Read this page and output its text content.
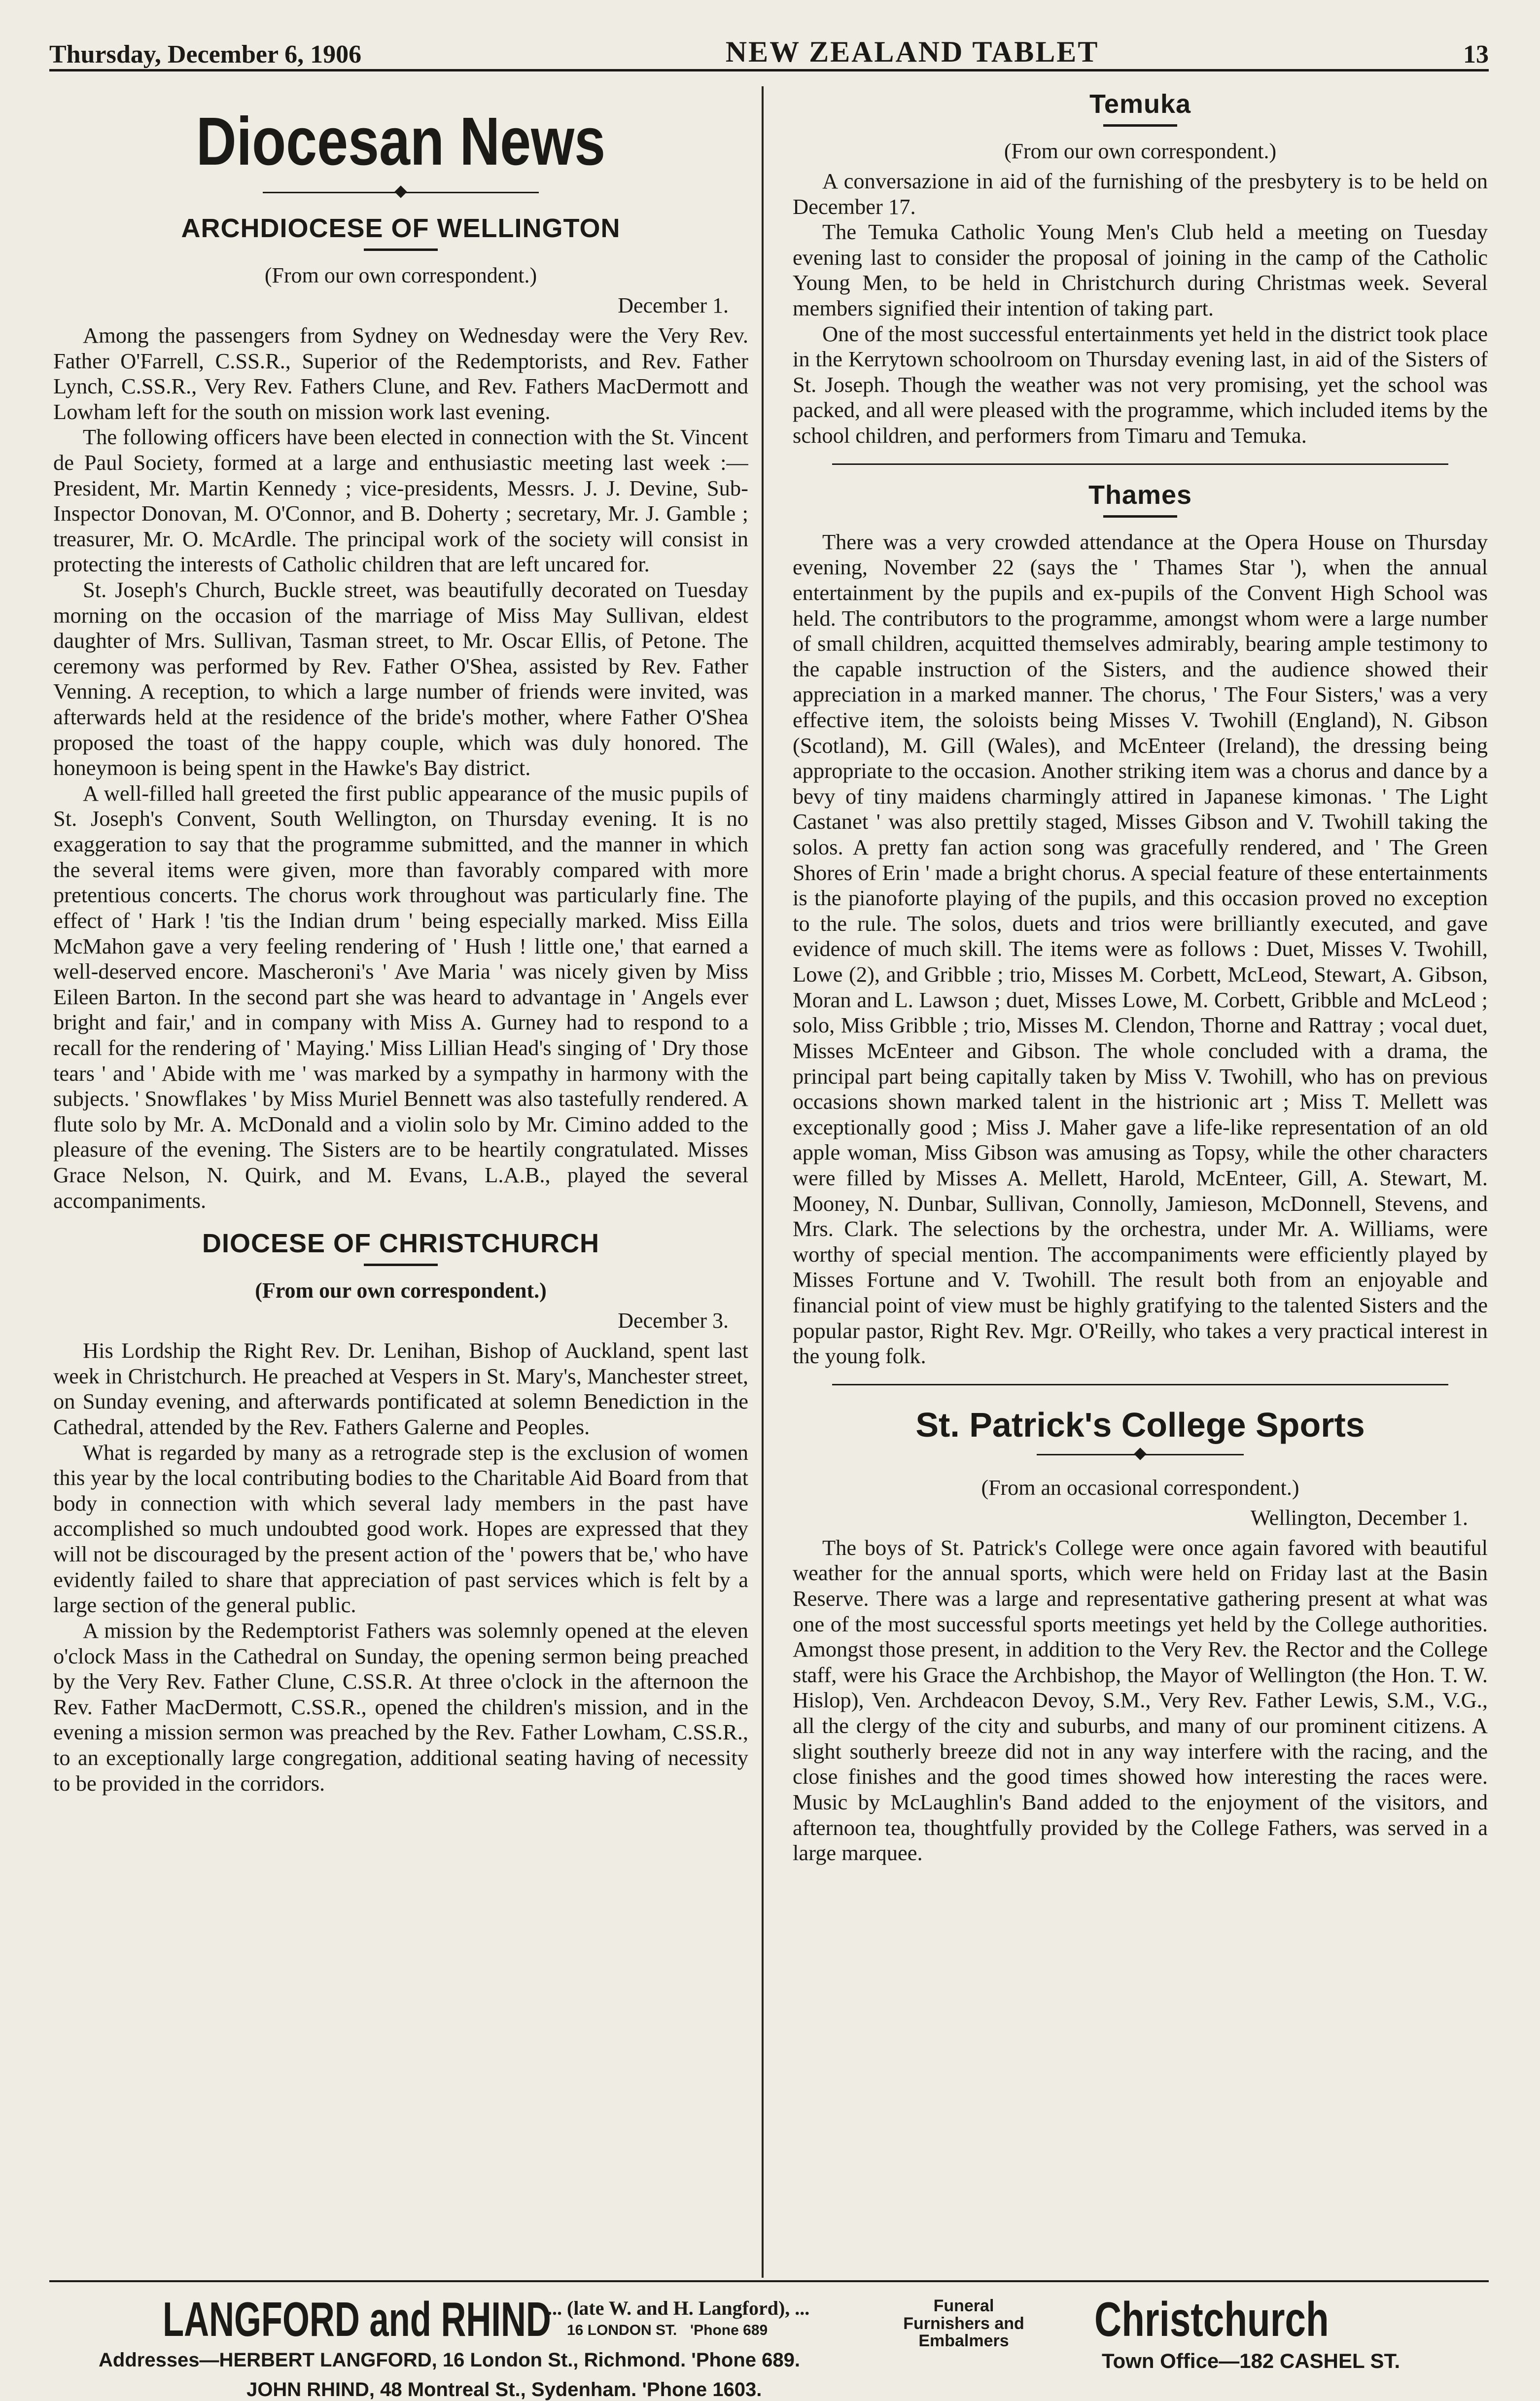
Thursday, December 6, 1906	NEW ZEALAND TABLET	13
Diocesan News
ARCHDIOCESE OF WELLINGTON
(From our own correspondent.)
December 1.

Among the passengers from Sydney on Wednesday were the Very Rev. Father O'Farrell, C.SS.R., Superior of the Redemptorists, and Rev. Father Lynch, C.SS.R., Very Rev. Fathers Clune, and Rev. Fathers MacDermott and Lowham left for the south on mission work last evening.

The following officers have been elected in connection with the St. Vincent de Paul Society, formed at a large and enthusiastic meeting last week :—President, Mr. Martin Kennedy ; vice-presidents, Messrs. J. J. Devine, Sub-Inspector Donovan, M. O'Connor, and B. Doherty ; secretary, Mr. J. Gamble ; treasurer, Mr. O. McArdle. The principal work of the society will consist in protecting the interests of Catholic children that are left uncared for.

St. Joseph's Church, Buckle street, was beautifully decorated on Tuesday morning on the occasion of the marriage of Miss May Sullivan, eldest daughter of Mrs. Sullivan, Tasman street, to Mr. Oscar Ellis, of Petone. The ceremony was performed by Rev. Father O'Shea, assisted by Rev. Father Venning. A reception, to which a large number of friends were invited, was afterwards held at the residence of the bride's mother, where Father O'Shea proposed the toast of the happy couple, which was duly honored. The honeymoon is being spent in the Hawke's Bay district.

A well-filled hall greeted the first public appearance of the music pupils of St. Joseph's Convent, South Wellington, on Thursday evening. It is no exaggeration to say that the programme submitted, and the manner in which the several items were given, more than favorably compared with more pretentious concerts. The chorus work throughout was particularly fine. The effect of ' Hark ! 'tis the Indian drum ' being especially marked. Miss Eilla McMahon gave a very feeling rendering of ' Hush ! little one,' that earned a well-deserved encore. Mascheroni's ' Ave Maria ' was nicely given by Miss Eileen Barton. In the second part she was heard to advantage in ' Angels ever bright and fair,' and in company with Miss A. Gurney had to respond to a recall for the rendering of ' Maying.' Miss Lillian Head's singing of ' Dry those tears ' and ' Abide with me ' was marked by a sympathy in harmony with the subjects. ' Snowflakes ' by Miss Muriel Bennett was also tastefully rendered. A flute solo by Mr. A. McDonald and a violin solo by Mr. Cimino added to the pleasure of the evening. The Sisters are to be heartily congratulated. Misses Grace Nelson, N. Quirk, and M. Evans, L.A.B., played the several accompaniments.

DIOCESE OF CHRISTCHURCH
(From our own correspondent.)
December 3.

His Lordship the Right Rev. Dr. Lenihan, Bishop of Auckland, spent last week in Christchurch. He preached at Vespers in St. Mary's, Manchester street, on Sunday evening, and afterwards pontificated at solemn Benediction in the Cathedral, attended by the Rev. Fathers Galerne and Peoples.

What is regarded by many as a retrograde step is the exclusion of women this year by the local contributing bodies to the Charitable Aid Board from that body in connection with which several lady members in the past have accomplished so much undoubted good work. Hopes are expressed that they will not be discouraged by the present action of the ' powers that be,' who have evidently failed to share that appreciation of past services which is felt by a large section of the general public.

A mission by the Redemptorist Fathers was solemnly opened at the eleven o'clock Mass in the Cathedral on Sunday, the opening sermon being preached by the Very Rev. Father Clune, C.SS.R. At three o'clock in the afternoon the Rev. Father MacDermott, C.SS.R., opened the children's mission, and in the evening a mission sermon was preached by the Rev. Father Lowham, C.SS.R., to an exceptionally large congregation, additional seating having of necessity to be provided in the corridors.

Temuka
(From our own correspondent.)

A conversazione in aid of the furnishing of the presbytery is to be held on December 17.

The Temuka Catholic Young Men's Club held a meeting on Tuesday evening last to consider the proposal of joining in the camp of the Catholic Young Men, to be held in Christchurch during Christmas week. Several members signified their intention of taking part.

One of the most successful entertainments yet held in the district took place in the Kerrytown schoolroom on Thursday evening last, in aid of the Sisters of St. Joseph. Though the weather was not very promising, yet the school was packed, and all were pleased with the programme, which included items by the school children, and performers from Timaru and Temuka.

Thames

There was a very crowded attendance at the Opera House on Thursday evening, November 22 (says the ' Thames Star '), when the annual entertainment by the pupils and ex-pupils of the Convent High School was held. The contributors to the programme, amongst whom were a large number of small children, acquitted themselves admirably, bearing ample testimony to the capable instruction of the Sisters, and the audience showed their appreciation in a marked manner. The chorus, ' The Four Sisters,' was a very effective item, the soloists being Misses V. Twohill (England), N. Gibson (Scotland), M. Gill (Wales), and McEnteer (Ireland), the dressing being appropriate to the occasion. Another striking item was a chorus and dance by a bevy of tiny maidens charmingly attired in Japanese kimonas. ' The Light Castanet ' was also prettily staged, Misses Gibson and V. Twohill taking the solos. A pretty fan action song was gracefully rendered, and ' The Green Shores of Erin ' made a bright chorus. A special feature of these entertainments is the pianoforte playing of the pupils, and this occasion proved no exception to the rule. The solos, duets and trios were brilliantly executed, and gave evidence of much skill. The items were as follows : Duet, Misses V. Twohill, Lowe (2), and Gribble ; trio, Misses M. Corbett, McLeod, Stewart, A. Gibson, Moran and L. Lawson ; duet, Misses Lowe, M. Corbett, Gribble and McLeod ; solo, Miss Gribble ; trio, Misses M. Clendon, Thorne and Rattray ; vocal duet, Misses McEnteer and Gibson. The whole concluded with a drama, the principal part being capitally taken by Miss V. Twohill, who has on previous occasions shown marked talent in the histrionic art ; Miss T. Mellett was exceptionally good ; Miss J. Maher gave a life-like representation of an old apple woman, Miss Gibson was amusing as Topsy, while the other characters were filled by Misses A. Mellett, Harold, McEnteer, Gill, A. Stewart, M. Mooney, N. Dunbar, Sullivan, Connolly, Jamieson, McDonnell, Stevens, and Mrs. Clark. The selections by the orchestra, under Mr. A. Williams, were worthy of special mention. The accompaniments were efficiently played by Misses Fortune and V. Twohill. The result both from an enjoyable and financial point of view must be highly gratifying to the talented Sisters and the popular pastor, Right Rev. Mgr. O'Reilly, who takes a very practical interest in the young folk.

St. Patrick's College Sports
(From an occasional correspondent.)
Wellington, December 1.

The boys of St. Patrick's College were once again favored with beautiful weather for the annual sports, which were held on Friday last at the Basin Reserve. There was a large and representative gathering present at what was one of the most successful sports meetings yet held by the College authorities. Amongst those present, in addition to the Very Rev. the Rector and the College staff, were his Grace the Archbishop, the Mayor of Wellington (the Hon. T. W. Hislop), Ven. Archdeacon Devoy, S.M., Very Rev. Father Lewis, S.M., V.G., all the clergy of the city and suburbs, and many of our prominent citizens. A slight southerly breeze did not in any way interfere with the racing, and the close finishes and the good times showed how interesting the races were. Music by McLaughlin's Band added to the enjoyment of the visitors, and afternoon tea, thoughtfully provided by the College Fathers, was served in a large marquee.

LANGFORD and RHIND
... (late W. and H. Langford), ...
16 LONDON ST. 'Phone 689
Funeral Furnishers and Embalmers	Christchurch
Addresses—HERBERT LANGFORD, 16 London St., Richmond. 'Phone 689.	Town Office—182 CASHEL ST.
JOHN RHIND, 48 Montreal St., Sydenham. 'Phone 1603.
